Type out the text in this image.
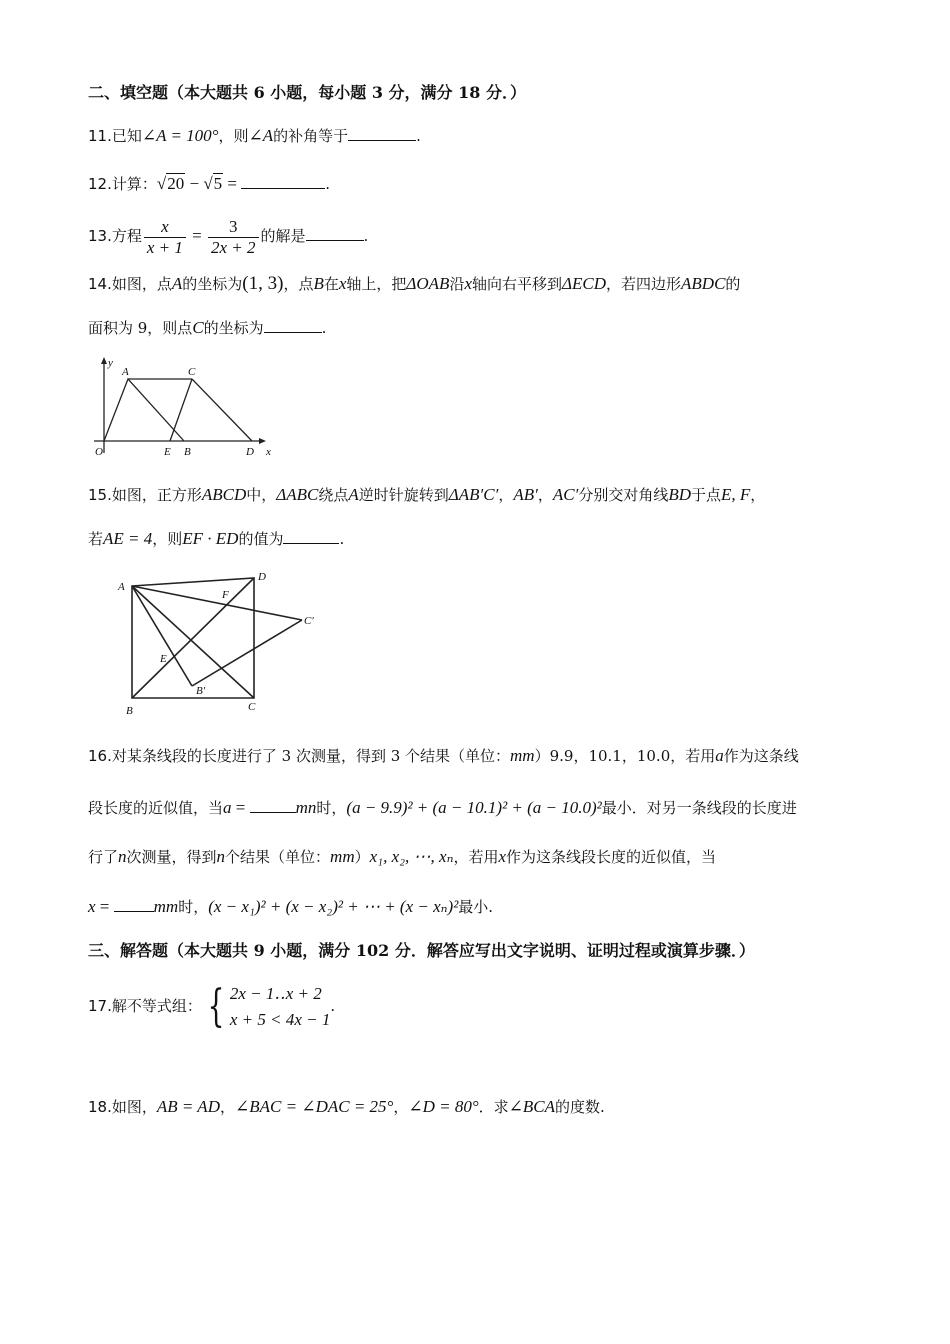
二、填空题（本大题共 6 小题，每小题 3 分，满分 18 分．）
11.已知∠A = 100°，则∠A的补角等于	.
12.计算：√20 − √5 =	.
13.方程 $\frac{x}{x + 1} = \frac{3}{2x + 2}$ 的解是	.
14.如图，点A的坐标为(1, 3)，点B在x轴上，把ΔOAB沿x轴向右平移到ΔECD，若四边形ABDC的
面积为 9，则点C的坐标为	.
y
A	C
O	E B	D x
15.如图，正方形ABCD中，ΔABC绕点A逆时针旋转到ΔAB′C′，AB′，AC′分别交对角线BD于点E, F，
若AE = 4，则EF · ED的值为	.
A
D
F
C′
E
B′
B	C
16.对某条线段的长度进行了 3 次测量，得到 3 个结果（单位：mm）9.9，10.1，10.0，若用a作为这条线
段长度的近似值，当a =	mn时，(a − 9.9)² + (a − 10.1)² + (a − 10.0)²最小．对另一条线段的长度进
行了n次测量，得到n个结果（单位：mm）x₁, x₂, ⋯, xₙ，若用x作为这条线段长度的近似值，当
x = mm时，(x − x₁)² + (x − x₂)² + ⋯ + (x − xₙ)²最小.
三、解答题（本大题共 9 小题，满分 102 分．解答应写出文字说明、证明过程或演算步骤．）
17.解不等式组： { 2x − 1‥x + 2
x + 5 < 4x − 1
.
18.如图，AB = AD，∠BAC = ∠DAC = 25°，∠D = 80°．求∠BCA的度数.
